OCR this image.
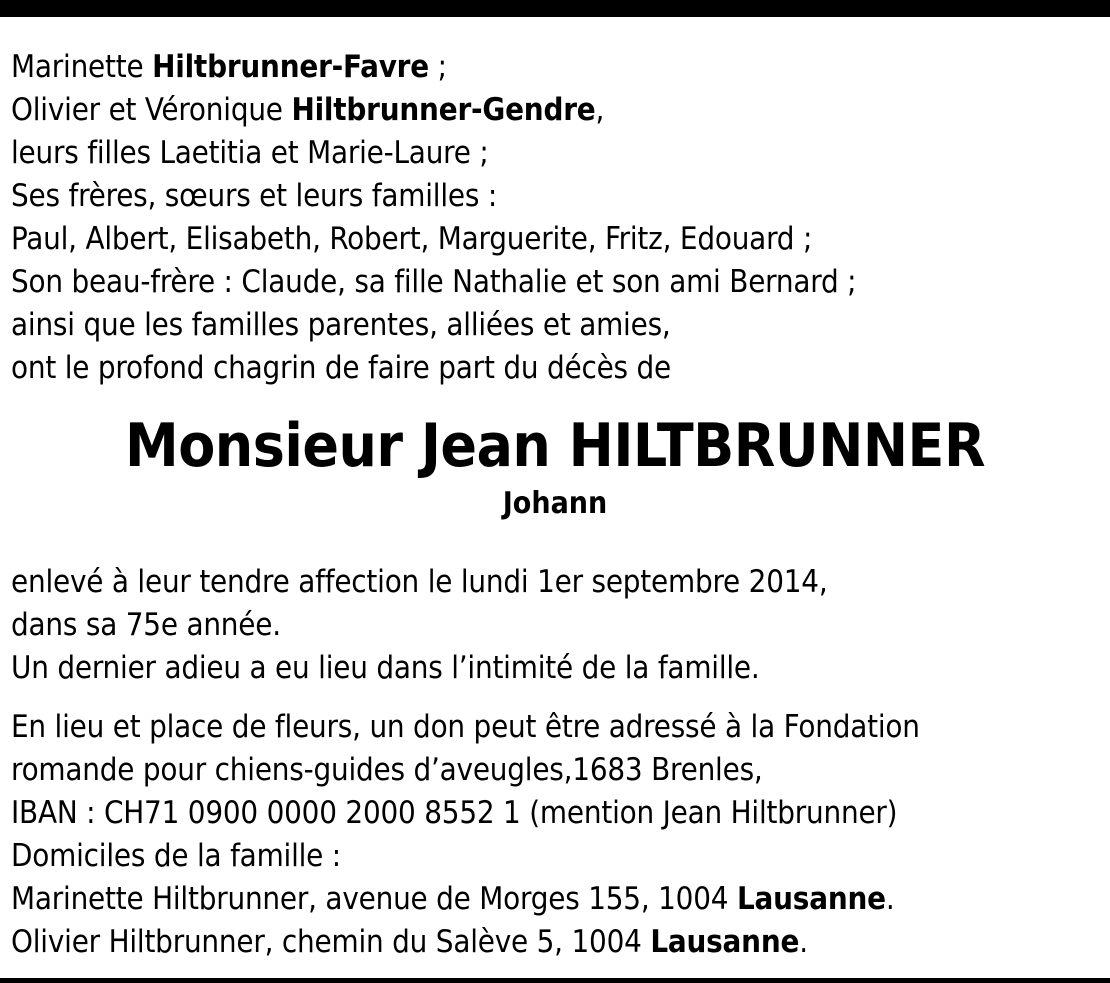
Marinette Hiltbrunner-Favre ;
Olivier et Véronique Hiltbrunner-Gendre,
leurs filles Laetitia et Marie-Laure ;
Ses frères, sœurs et leurs familles :
Paul, Albert, Elisabeth, Robert, Marguerite, Fritz, Edouard ;
Son beau-frère : Claude, sa fille Nathalie et son ami Bernard ;
ainsi que les familles parentes, alliées et amies,
ont le profond chagrin de faire part du décès de
Monsieur Jean HILTBRUNNER
Johann
enlevé à leur tendre affection le lundi 1er septembre 2014,
dans sa 75e année.
Un dernier adieu a eu lieu dans l’intimité de la famille.
En lieu et place de fleurs, un don peut être adressé à la Fondation
romande pour chiens-guides d’aveugles,1683 Brenles,
IBAN : CH71 0900 0000 2000 8552 1 (mention Jean Hiltbrunner)
Domiciles de la famille :
Marinette Hiltbrunner, avenue de Morges 155, 1004 Lausanne.
Olivier Hiltbrunner, chemin du Salève 5, 1004 Lausanne.
